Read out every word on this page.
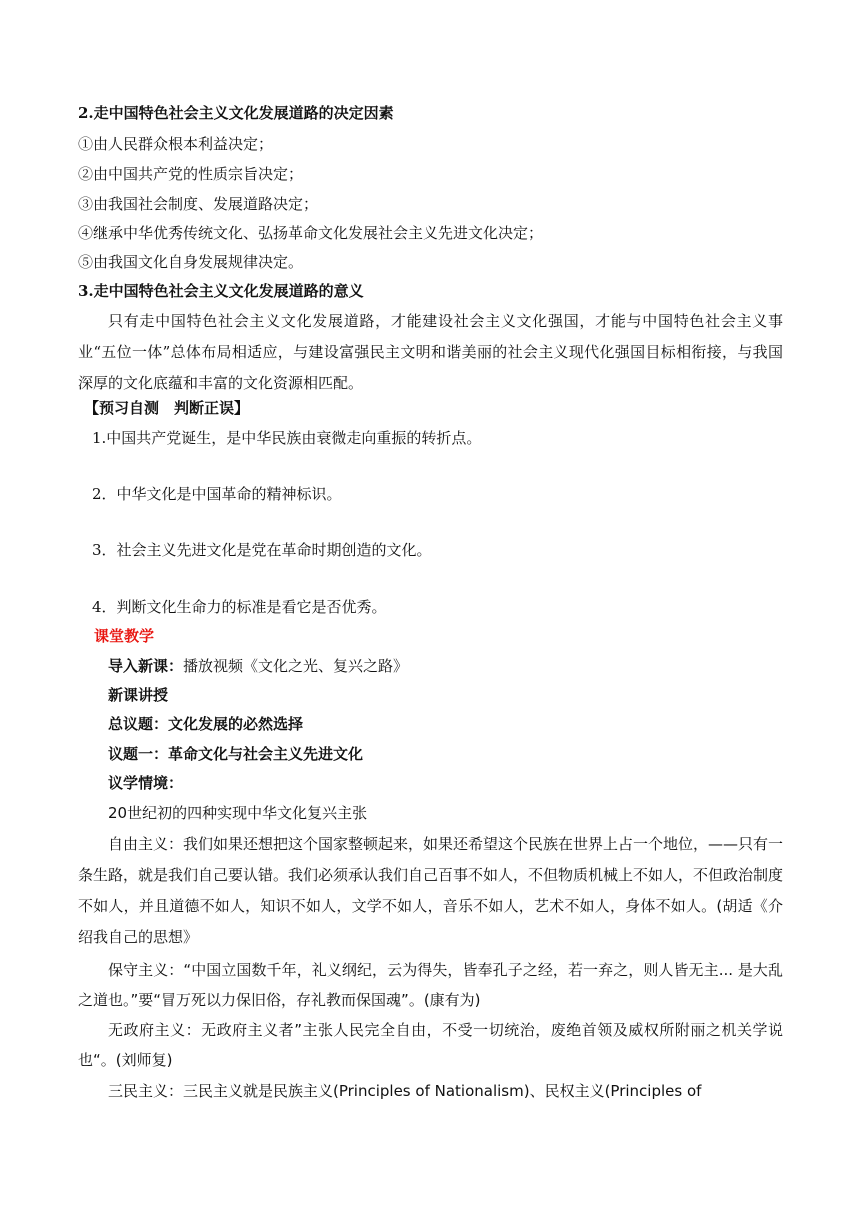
2.走中国特色社会主义文化发展道路的决定因素
①由人民群众根本利益决定；
②由中国共产党的性质宗旨决定；
③由我国社会制度、发展道路决定；
④继承中华优秀传统文化、弘扬革命文化发展社会主义先进文化决定；
⑤由我国文化自身发展规律决定。
3.走中国特色社会主义文化发展道路的意义
只有走中国特色社会主义文化发展道路，才能建设社会主义文化强国，才能与中国特色社会主义事业“五位一体”总体布局相适应，与建设富强民主文明和谐美丽的社会主义现代化强国目标相衔接，与我国深厚的文化底蕴和丰富的文化资源相匹配。
【预习自测　判断正误】
1.中国共产党诞生，是中华民族由衰微走向重振的转折点。
2．中华文化是中国革命的精神标识。
3．社会主义先进文化是党在革命时期创造的文化。
4．判断文化生命力的标准是看它是否优秀。
课堂教学
导入新课：播放视频《文化之光、复兴之路》
新课讲授
总议题：文化发展的必然选择
议题一：革命文化与社会主义先进文化
议学情境：
20世纪初的四种实现中华文化复兴主张
自由主义：我们如果还想把这个国家整顿起来，如果还希望这个民族在世界上占一个地位，——只有一条生路，就是我们自己要认错。我们必须承认我们自己百事不如人，不但物质机械上不如人，不但政治制度不如人，并且道德不如人，知识不如人，文学不如人，音乐不如人，艺术不如人，身体不如人。(胡适《介绍我自己的思想》
保守主义：“中国立国数千年，礼义纲纪，云为得失，皆奉孔子之经，若一弃之，则人皆无主... 是大乱之道也。”要“冒万死以力保旧俗，存礼教而保国魂”。(康有为)
无政府主义：无政府主义者”主张人民完全自由，不受一切统治，废绝首领及威权所附丽之机关学说也“。(刘师复)
三民主义：三民主义就是民族主义(Principles of Nationalism)、民权主义(Principles of
